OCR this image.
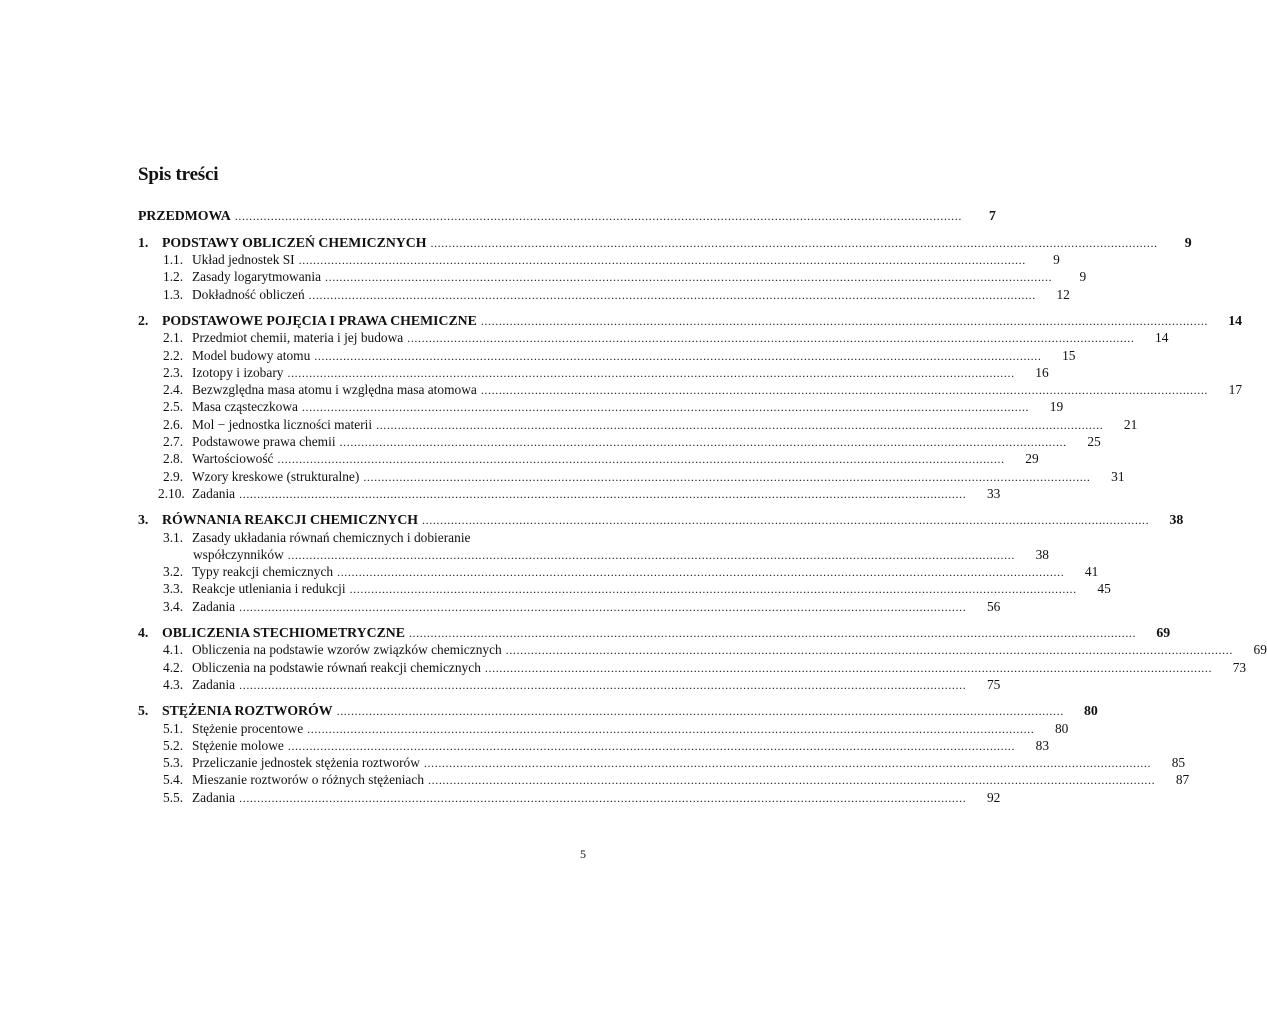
Spis treści
PRZEDMOWA .....	7
1. PODSTAWY OBLICZEŃ CHEMICZNYCH .....	9
1.1. Układ jednostek SI .....	9
1.2. Zasady logarytmowania .....	9
1.3. Dokładność obliczeń .....	12
2. PODSTAWOWE POJĘCIA I PRAWA CHEMICZNE .....	14
2.1. Przedmiot chemii, materia i jej budowa .....	14
2.2. Model budowy atomu .....	15
2.3. Izotopy i izobary .....	16
2.4. Bezwzględna masa atomu i względna masa atomowa .....	17
2.5. Masa cząsteczkowa .....	19
2.6. Mol − jednostka liczności materii .....	21
2.7. Podstawowe prawa chemii .....	25
2.8. Wartościowość .....	29
2.9. Wzory kreskowe (strukturalne) .....	31
2.10. Zadania .....	33
3. RÓWNANIA REAKCJI CHEMICZNYCH .....	38
3.1. Zasady układania równań chemicznych i dobieranie
współczynników .....	38
3.2. Typy reakcji chemicznych .....	41
3.3. Reakcje utleniania i redukcji .....	45
3.4. Zadania .....	56
4. OBLICZENIA STECHIOMETRYCZNE .....	69
4.1. Obliczenia na podstawie wzorów związków chemicznych .....	69
4.2. Obliczenia na podstawie równań reakcji chemicznych .....	73
4.3. Zadania .....	75
5. STĘŻENIA ROZTWORÓW .....	80
5.1. Stężenie procentowe .....	80
5.2. Stężenie molowe .....	83
5.3. Przeliczanie jednostek stężenia roztworów .....	85
5.4. Mieszanie roztworów o różnych stężeniach .....	87
5.5. Zadania .....	92
5
